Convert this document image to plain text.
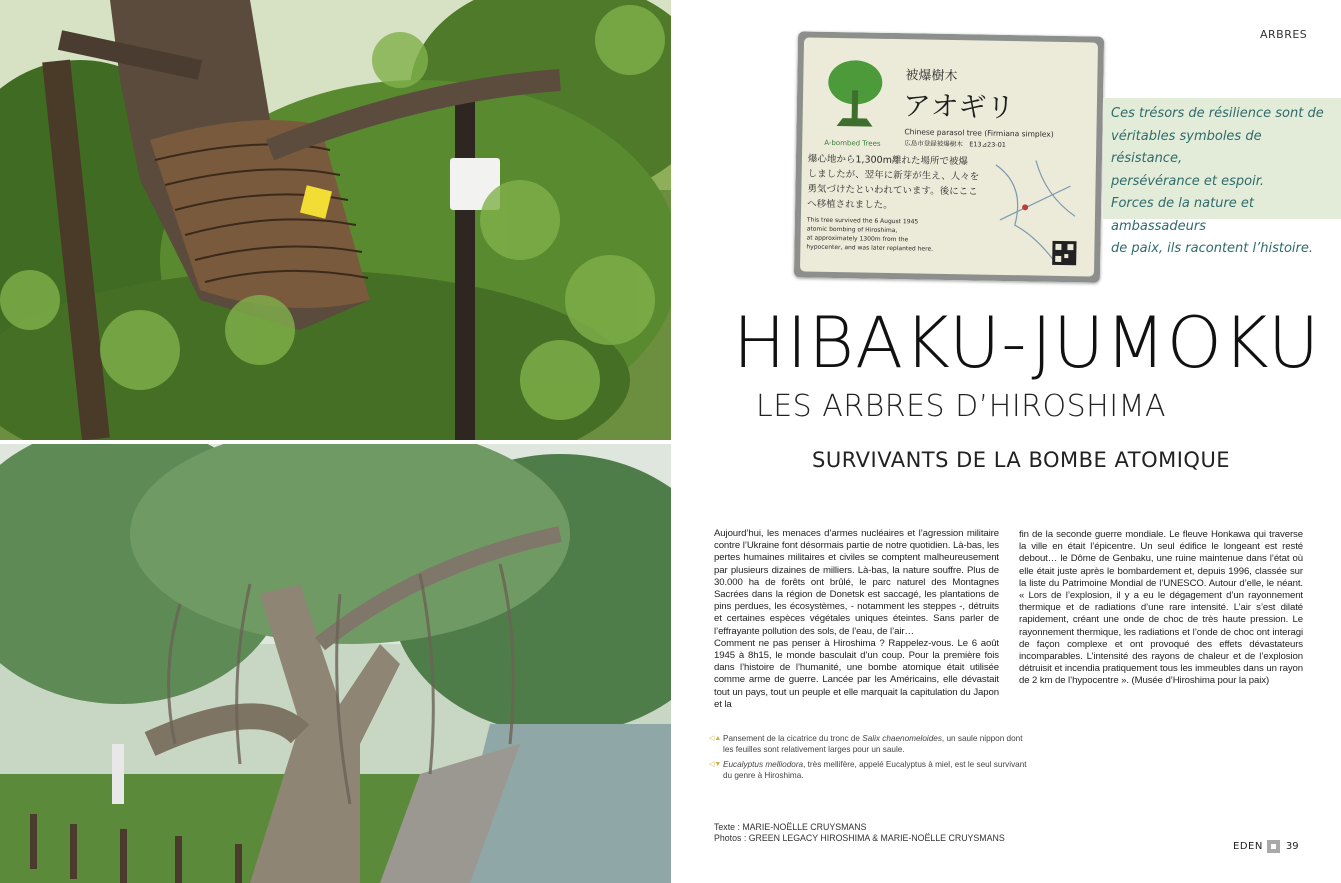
ARBRES
A-bombed Trees
被爆樹木
アオギリ
Chinese parasol tree (Firmiana simplex)
広島市登録被爆樹木　E13⊿23-01
爆心地から1,300m離れた場所で被爆
しましたが、翌年に新芽が生え、人々を
勇気づけたといわれています。後にここ
へ移植されました。
This tree survived the 6 August 1945
atomic bombing of Hiroshima,
at approximately 1300m from the
hypocenter, and was later replanted here.
Ces trésors de résilience sont de
véritables symboles de résistance,
persévérance et espoir.
Forces de la nature et ambassadeurs
de paix, ils racontent l’histoire.
HIBAKU-JUMOKU
LES ARBRES D’HIROSHIMA
SURVIVANTS DE LA BOMBE ATOMIQUE

Aujourd’hui, les menaces d’armes nucléaires et l’agression militaire contre l’Ukraine font désormais partie de notre quotidien. Là-bas, les pertes humaines militaires et civiles se comptent malheureusement par plusieurs dizaines de milliers. Là-bas, la nature souffre. Plus de 30.000 ha de forêts ont brûlé, le parc naturel des Montagnes Sacrées dans la région de Donetsk est saccagé, les plantations de pins perdues, les écosystèmes, - notamment les steppes -, détruits et certaines espèces végétales uniques éteintes. Sans parler de l’effrayante pollution des sols, de l’eau, de l’air…

Comment ne pas penser à Hiroshima ? Rappelez-vous. Le 6 août 1945 à 8h15, le monde basculait d’un coup. Pour la première fois dans l’histoire de l’humanité, une bombe atomique était utilisée comme arme de guerre. Lancée par les Américains, elle dévastait tout un pays, tout un peuple et elle marquait la capitulation du Japon et la

fin de la seconde guerre mondiale. Le fleuve Honkawa qui traverse la ville en était l’épicentre. Un seul édifice le longeant est resté debout… le Dôme de Genbaku, une ruine maintenue dans l’état où elle était juste après le bombardement et, depuis 1996, classée sur la liste du Patrimoine Mondial de l’UNESCO. Autour d’elle, le néant. « Lors de l’explosion, il y a eu le dégagement d’un rayonnement thermique et de radiations d’une rare intensité. L’air s’est dilaté rapidement, créant une onde de choc de très haute pression. Le rayonnement thermique, les radiations et l’onde de choc ont interagi de façon complexe et ont provoqué des effets dévastateurs incomparables. L’intensité des rayons de chaleur et de l’explosion détruisit et incendia pratiquement tous les immeubles dans un rayon de 2 km de l’hypocentre ». (Musée d’Hiroshima pour la paix)

◁▲ Pansement de la cicatrice du tronc de Salix chaenomeloides, un saule nippon dont les feuilles sont relativement larges pour un saule.
◁▼ Eucalyptus melliodora, très mellifère, appelé Eucalyptus à miel, est le seul survivant du genre à Hiroshima.
Texte : MARIE-NOËLLE CRUYSMANS
Photos : GREEN LEGACY HIROSHIMA & MARIE-NOËLLE CRUYSMANS
EDEN 39
